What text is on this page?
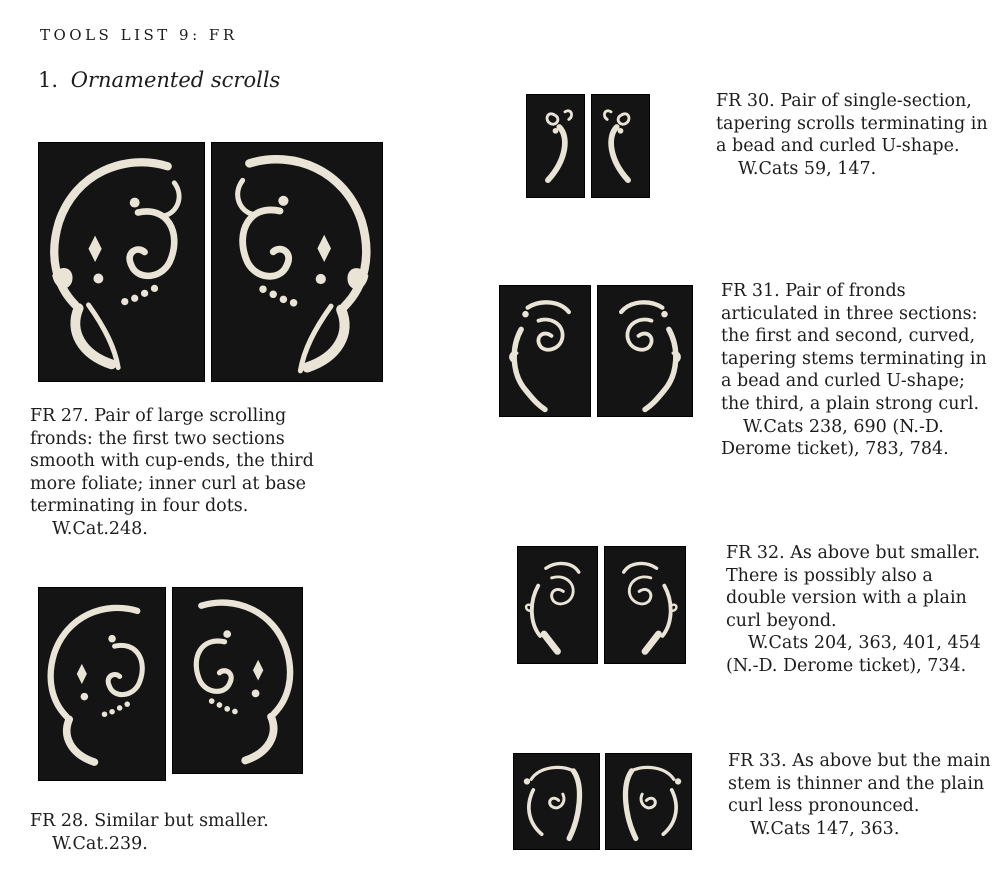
TOOLS LIST 9: FR
1. Ornamented scrolls
FR 27. Pair of large scrolling
fronds: the first two sections
smooth with cup-ends, the third
more foliate; inner curl at base
terminating in four dots.
W.Cat.248.
FR 28. Similar but smaller.
W.Cat.239.
FR 30. Pair of single-section,
tapering scrolls terminating in
a bead and curled U-shape.
W.Cats 59, 147.
FR 31. Pair of fronds
articulated in three sections:
the first and second, curved,
tapering stems terminating in
a bead and curled U-shape;
the third, a plain strong curl.
W.Cats 238, 690 (N.-D.
Derome ticket), 783, 784.
FR 32. As above but smaller.
There is possibly also a
double version with a plain
curl beyond.
W.Cats 204, 363, 401, 454
(N.-D. Derome ticket), 734.
FR 33. As above but the main
stem is thinner and the plain
curl less pronounced.
W.Cats 147, 363.
